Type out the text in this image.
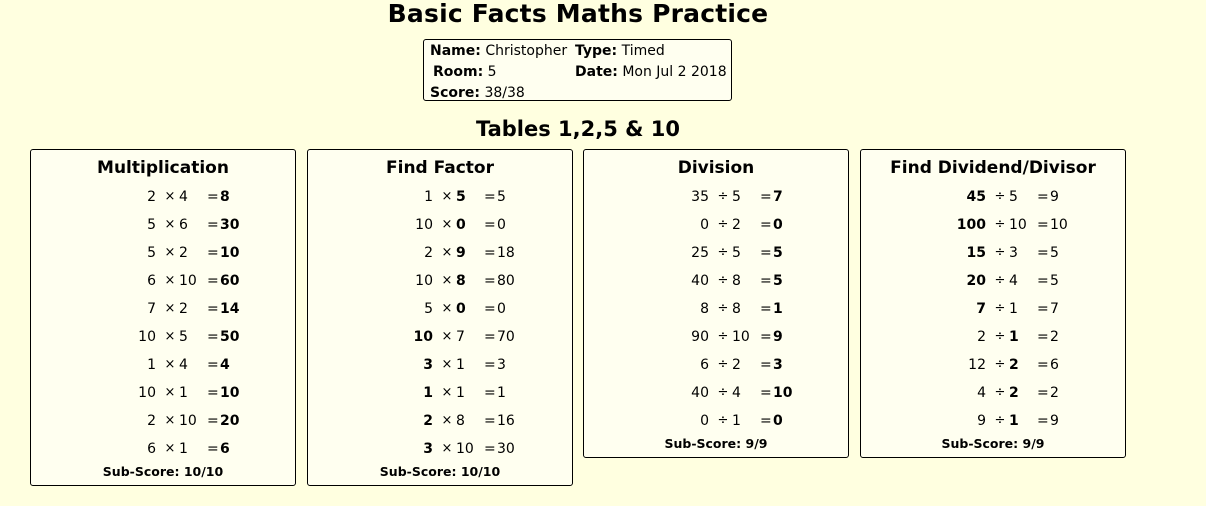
Basic Facts Maths Practice
Name: Christopher Type: Timed
Room: 5	Date: Mon Jul 2 2018
Score: 38/38
Tables 1,2,5 & 10
Multiplication
2 × 4 = 8
5 × 6 = 30
5 × 2 = 10
6 × 10 = 60
7 × 2 = 14
10 × 5 = 50
1 × 4 = 4
10 × 1 = 10
2 × 10 = 20
6 × 1 = 6
Sub-Score: 10/10
Find Factor
1 × 5 = 5
10 × 0 = 0
2 × 9 = 18
10 × 8 = 80
5 × 0 = 0
10 × 7 = 70
3 × 1 = 3
1 × 1 = 1
2 × 8 = 16
3 × 10 = 30
Sub-Score: 10/10
Division
35 ÷ 5 = 7
0 ÷ 2 = 0
25 ÷ 5 = 5
40 ÷ 8 = 5
8 ÷ 8 = 1
90 ÷ 10 = 9
6 ÷ 2 = 3
40 ÷ 4 = 10
0 ÷ 1 = 0
Sub-Score: 9/9
Find Dividend/Divisor
45 ÷ 5 = 9
100 ÷ 10 = 10
15 ÷ 3 = 5
20 ÷ 4 = 5
7 ÷ 1 = 7
2 ÷ 1 = 2
12 ÷ 2 = 6
4 ÷ 2 = 2
9 ÷ 1 = 9
Sub-Score: 9/9
